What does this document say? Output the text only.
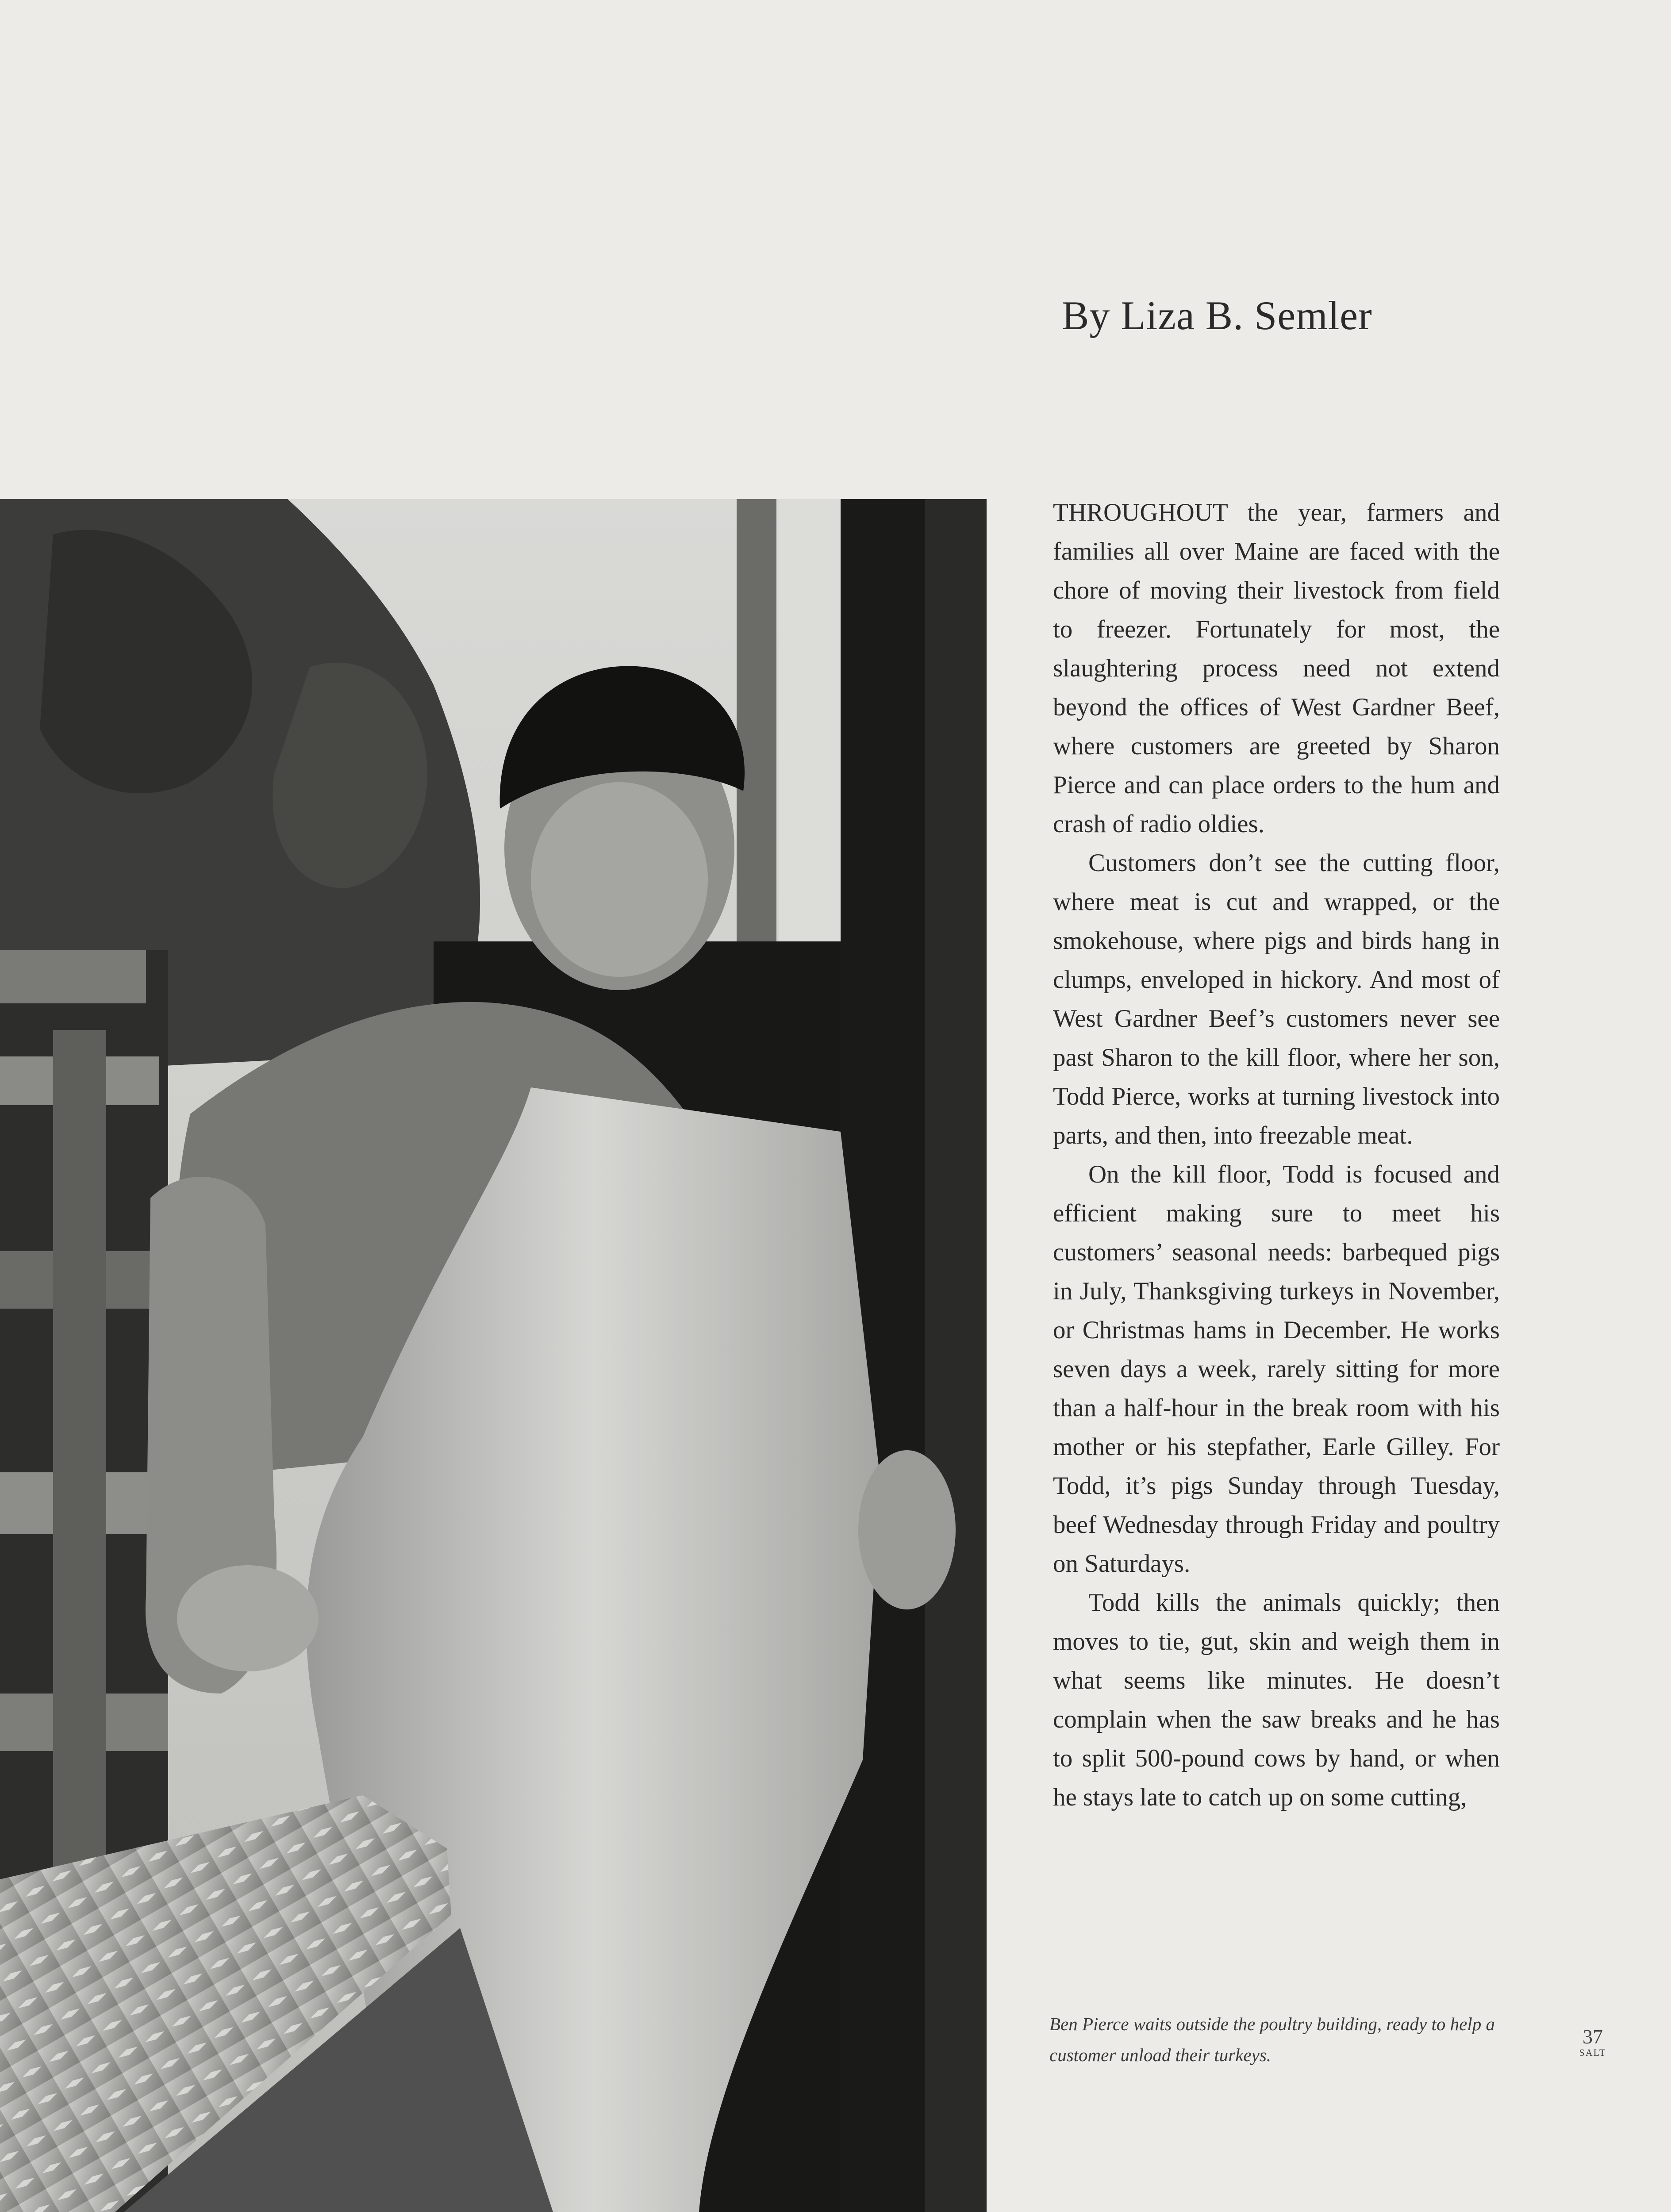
By Liza B. Semler

THROUGHOUT the year, farmers and families all over Maine are faced with the chore of moving their livestock from field to freezer. Fortunately for most, the slaughtering process need not extend beyond the offices of West Gardner Beef, where customers are greeted by Sharon Pierce and can place orders to the hum and crash of radio oldies.

Customers don’t see the cutting floor, where meat is cut and wrapped, or the smokehouse, where pigs and birds hang in clumps, enveloped in hickory. And most of West Gardner Beef’s customers never see past Sharon to the kill floor, where her son, Todd Pierce, works at turning livestock into parts, and then, into freezable meat.

On the kill floor, Todd is focused and efficient making sure to meet his customers’ seasonal needs: barbequed pigs in July, Thanksgiving turkeys in November, or Christmas hams in December. He works seven days a week, rarely sitting for more than a half-hour in the break room with his mother or his stepfather, Earle Gilley. For Todd, it’s pigs Sunday through Tuesday, beef Wednesday through Friday and poultry on Saturdays.

Todd kills the animals quickly; then moves to tie, gut, skin and weigh them in what seems like minutes. He doesn’t complain when the saw breaks and he has to split 500-pound cows by hand, or when he stays late to catch up on some cutting,

Ben Pierce waits outside the poultry building, ready to help a customer unload their turkeys.
37
SALT
